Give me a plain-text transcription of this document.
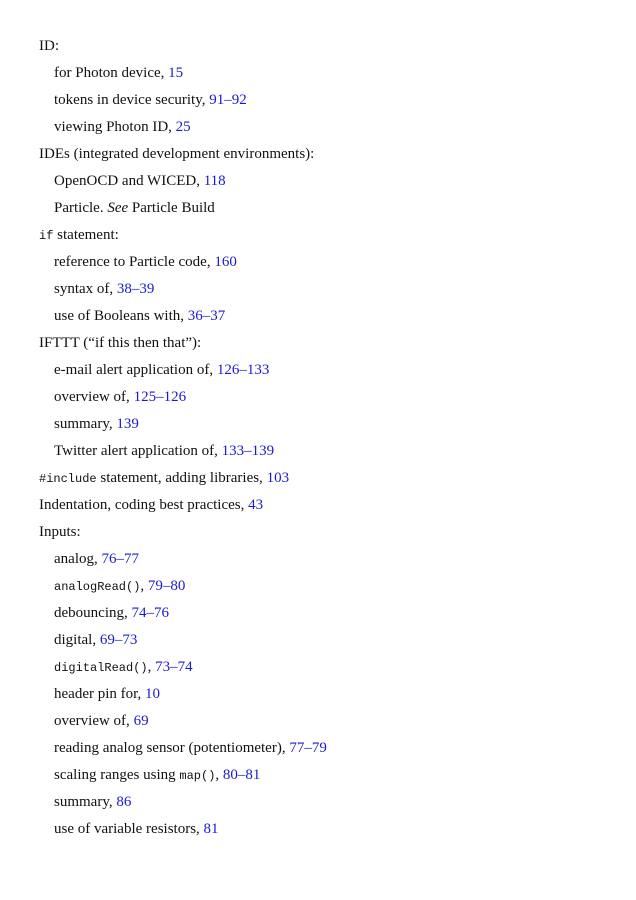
ID:
for Photon device, 15
tokens in device security, 91–92
viewing Photon ID, 25
IDEs (integrated development environments):
OpenOCD and WICED, 118
Particle. See Particle Build
if statement:
reference to Particle code, 160
syntax of, 38–39
use of Booleans with, 36–37
IFTTT (“if this then that”):
e-mail alert application of, 126–133
overview of, 125–126
summary, 139
Twitter alert application of, 133–139
#include statement, adding libraries, 103
Indentation, coding best practices, 43
Inputs:
analog, 76–77
analogRead(), 79–80
debouncing, 74–76
digital, 69–73
digitalRead(), 73–74
header pin for, 10
overview of, 69
reading analog sensor (potentiometer), 77–79
scaling ranges using map(), 80–81
summary, 86
use of variable resistors, 81
